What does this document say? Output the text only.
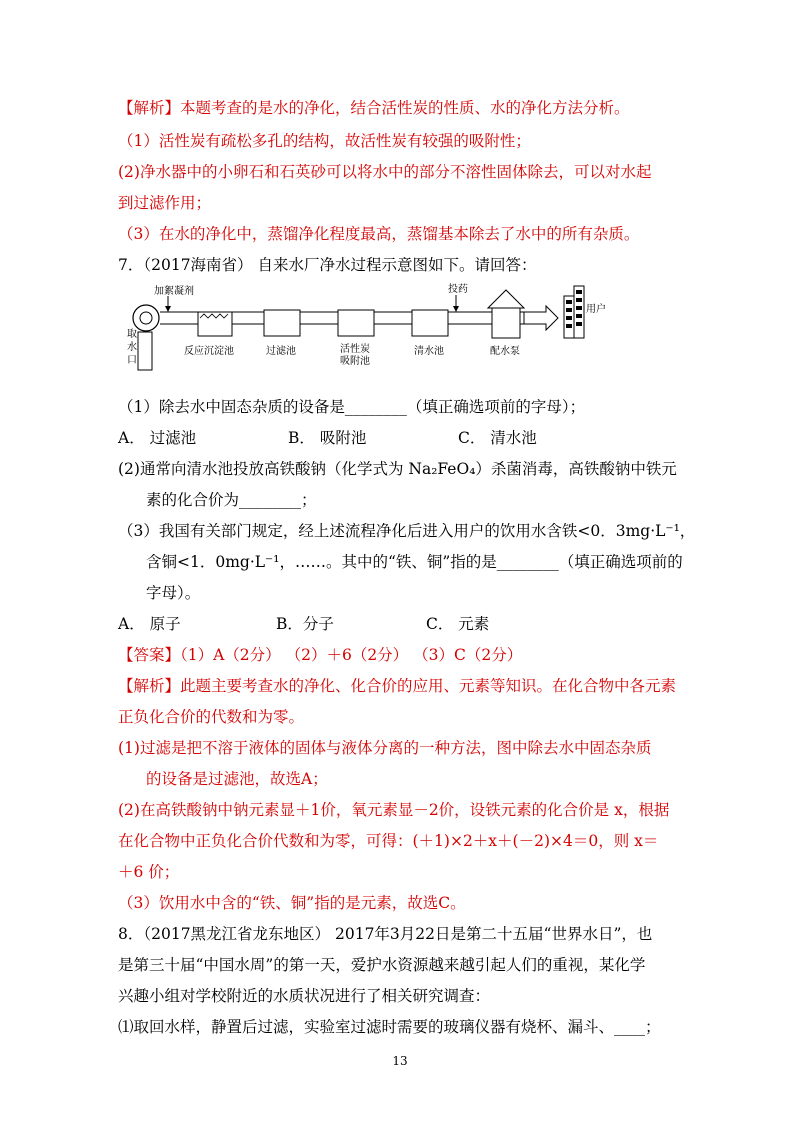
【解析】本题考查的是水的净化，结合活性炭的性质、水的净化方法分析。
（1）活性炭有疏松多孔的结构，故活性炭有较强的吸附性；
(2)净水器中的小卵石和石英砂可以将水中的部分不溶性固体除去，可以对水起
到过滤作用；
（3）在水的净化中，蒸馏净化程度最高，蒸馏基本除去了水中的所有杂质。
7．（2017海南省） 自来水厂净水过程示意图如下。请回答：
取
水
口
加絮凝剂
反应沉淀池	过滤池	活性炭
吸附池
清水池
投药
配水泵
用户
（1）除去水中固态杂质的设备是________（填正确选项前的字母）；
A． 过滤池	B． 吸附池	C． 清水池
(2)通常向清水池投放高铁酸钠（化学式为 Na₂FeO₄）杀菌消毒，高铁酸钠中铁元
素的化合价为________；
（3）我国有关部门规定，经上述流程净化后进入用户的饮用水含铁<0．3mg·L⁻¹，
含铜<1．0mg·L⁻¹，……。其中的“铁、铜”指的是________（填正确选项前的
字母）。
A． 原子	B．分子	C． 元素
【答案】（1）A（2分） （2）＋6（2分） （3）C（2分）
【解析】此题主要考查水的净化、化合价的应用、元素等知识。在化合物中各元素
正负化合价的代数和为零。
(1)过滤是把不溶于液体的固体与液体分离的一种方法，图中除去水中固态杂质
的设备是过滤池，故选A；
(2)在高铁酸钠中钠元素显＋1价，氧元素显－2价，设铁元素的化合价是 x，根据
在化合物中正负化合价代数和为零，可得：(＋1)×2＋x＋(－2)×4＝0，则 x＝
＋6 价；
（3）饮用水中含的“铁、铜”指的是元素，故选C。
8．（2017黑龙江省龙东地区） 2017年3月22日是第二十五届“世界水日”，也
是第三十届“中国水周”的第一天，爱护水资源越来越引起人们的重视，某化学
兴趣小组对学校附近的水质状况进行了相关研究调查：
⑴取回水样，静置后过滤，实验室过滤时需要的玻璃仪器有烧杯、漏斗、____；
13
